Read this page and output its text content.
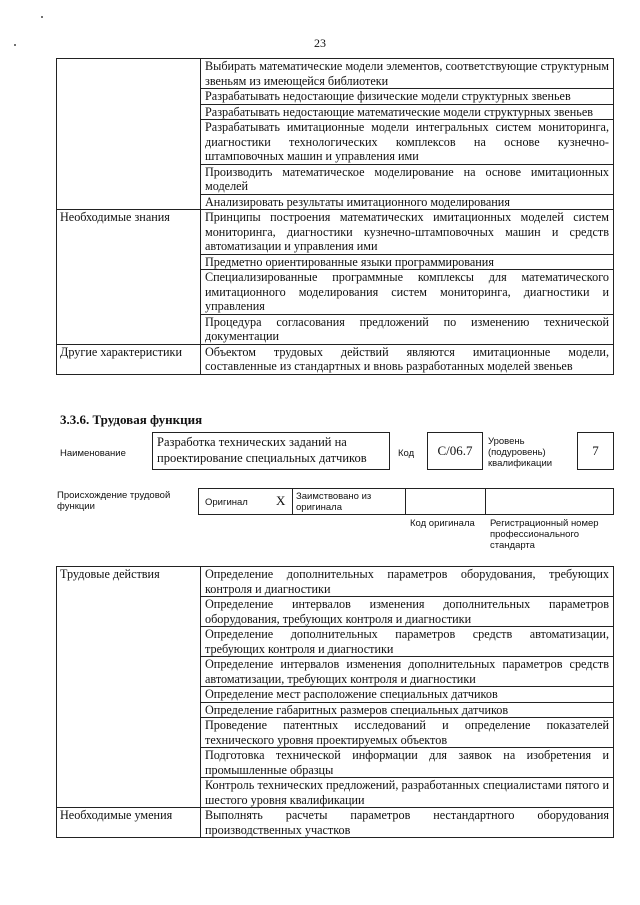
23
	Выбирать математические модели элементов, соответствующие структурным звеньям из имеющейся библиотеки
	Разрабатывать недостающие физические модели структурных звеньев
	Разрабатывать недостающие математические модели структурных звеньев
	Разрабатывать имитационные модели интегральных систем мониторинга, диагностики технологических комплексов на основе кузнечно-штамповочных машин и управления ими
	Производить математическое моделирование на основе имитационных моделей
	Анализировать результаты имитационного моделирования
Необходимые знания	Принципы построения математических имитационных моделей систем мониторинга, диагностики кузнечно-штамповочных машин и средств автоматизации и управления ими
	Предметно ориентированные языки программирования
	Специализированные программные комплексы для математического имитационного моделирования систем мониторинга, диагностики и управления
	Процедура согласования предложений по изменению технической документации
Другие характеристики	Объектом трудовых действий являются имитационные модели, составленные из стандартных и вновь разработанных моделей звеньев
3.3.6. Трудовая функция
Наименование
Разработка технических заданий на проектирование специальных датчиков	Код	С/06.7
Уровень (подуровень) квалификации
7
Происхождение трудовой функции	Оригинал X Заимствовано из оригинала
Код оригинала Регистрационный номер профессионального стандарта
Трудовые действия	Определение дополнительных параметров оборудования, требующих контроля и диагностики
	Определение интервалов изменения дополнительных параметров оборудования, требующих контроля и диагностики
	Определение дополнительных параметров средств автоматизации, требующих контроля и диагностики
	Определение интервалов изменения дополнительных параметров средств автоматизации, требующих контроля и диагностики
	Определение мест расположение специальных датчиков
	Определение габаритных размеров специальных датчиков
	Проведение патентных исследований и определение показателей технического уровня проектируемых объектов
	Подготовка технической информации для заявок на изобретения и промышленные образцы
	Контроль технических предложений, разработанных специалистами пятого и шестого уровня квалификации
Необходимые умения	Выполнять расчеты параметров нестандартного оборудования производственных участков
